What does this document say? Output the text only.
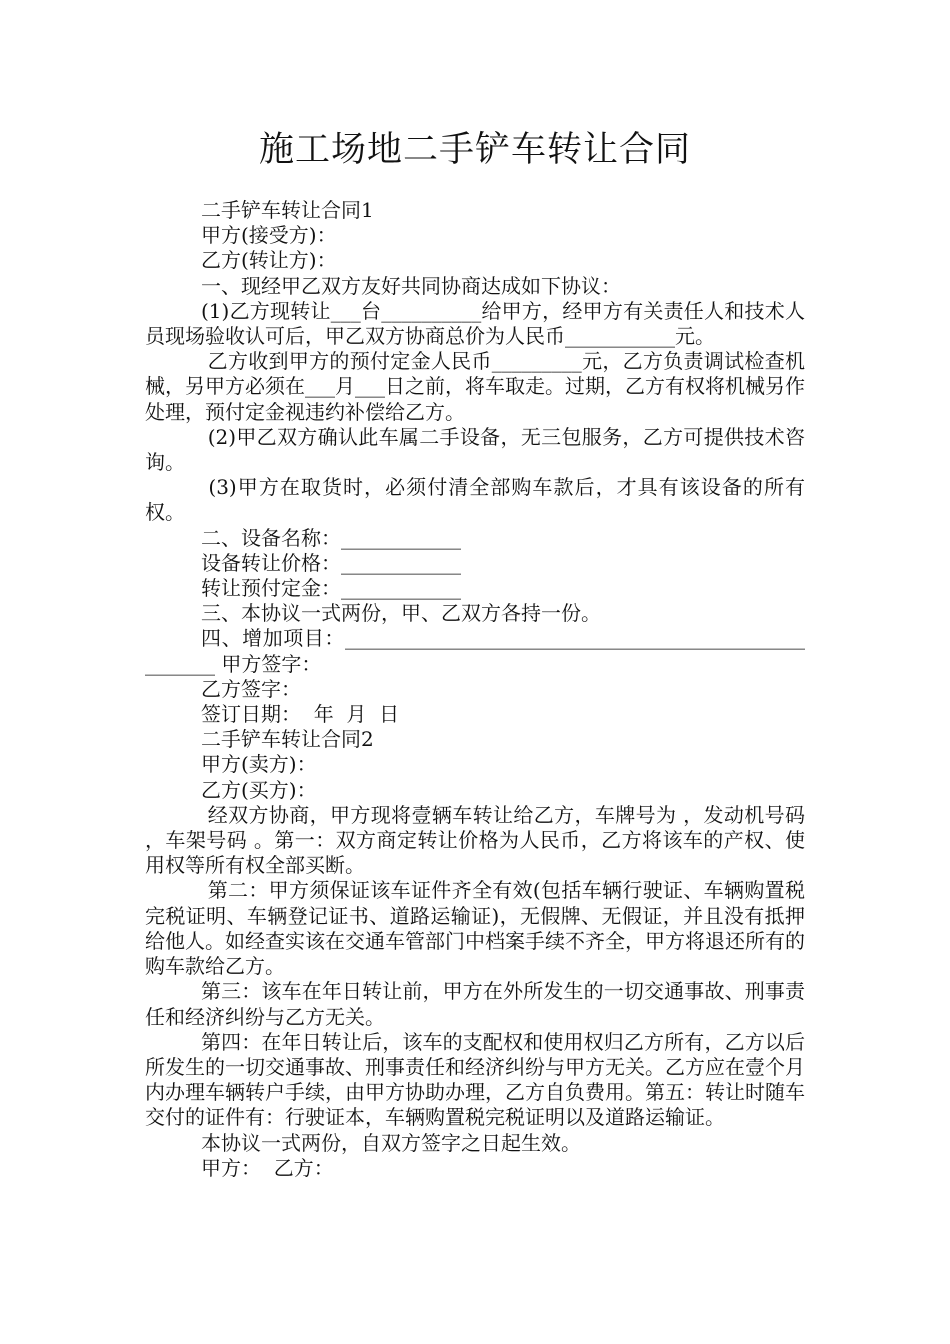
施工场地二手铲车转让合同

二手铲车转让合同1

甲方(接受方)：

乙方(转让方)：

一、现经甲乙双方友好共同协商达成如下协议：

(1)乙方现转让___台__________给甲方，经甲方有关责任人和技术人员现场验收认可后，甲乙双方协商总价为人民币___________元。

乙方收到甲方的预付定金人民币_________元，乙方负责调试检查机械，另甲方必须在___月___日之前，将车取走。过期，乙方有权将机械另作处理，预付定金视违约补偿给乙方。

(2)甲乙双方确认此车属二手设备，无三包服务，乙方可提供技术咨询。

(3)甲方在取货时，必须付清全部购车款后，才具有该设备的所有权。

二、设备名称：____________

设备转让价格：____________

转让预付定金：____________

三、本协议一式两份，甲、乙双方各持一份。

四、增加项目：_____________________________________________________ 甲方签字：

乙方签字：

签订日期：  年  月  日

二手铲车转让合同2

甲方(卖方)：

乙方(买方)：

经双方协商，甲方现将壹辆车转让给乙方，车牌号为 ，发动机号码 ，车架号码 。第一：双方商定转让价格为人民币，乙方将该车的产权、使用权等所有权全部买断。

第二：甲方须保证该车证件齐全有效(包括车辆行驶证、车辆购置税完税证明、车辆登记证书、道路运输证)，无假牌、无假证，并且没有抵押给他人。如经查实该在交通车管部门中档案手续不齐全，甲方将退还所有的购车款给乙方。

第三：该车在年日转让前，甲方在外所发生的一切交通事故、刑事责任和经济纠纷与乙方无关。

第四：在年日转让后，该车的支配权和使用权归乙方所有，乙方以后所发生的一切交通事故、刑事责任和经济纠纷与甲方无关。乙方应在壹个月内办理车辆转户手续，由甲方协助办理，乙方自负费用。第五：转让时随车交付的证件有：行驶证本，车辆购置税完税证明以及道路运输证。

本协议一式两份，自双方签字之日起生效。

甲方：  乙方：
